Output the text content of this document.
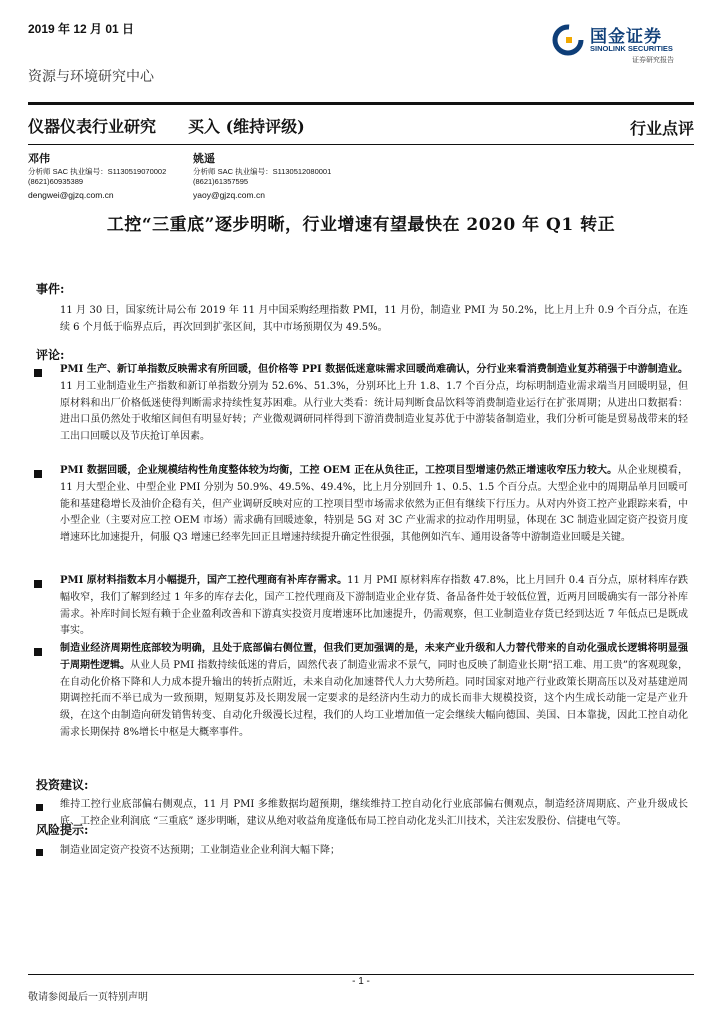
2019 年 12 月 01 日	国金证券
SINOLINK SECURITIES
证券研究报告
资源与环境研究中心
仪器仪表行业研究 买入 (维持评级)	行业点评
邓伟
分析师 SAC 执业编号：S1130519070002
(8621)60935389
dengwei@gjzq.com.cn
姚遥
分析师 SAC 执业编号：S1130512080001
(8621)61357595
yaoy@gjzq.com.cn
工控“三重底”逐步明晰，行业增速有望最快在 2020 年 Q1 转正
事件:
11 月 30 日，国家统计局公布 2019 年 11 月中国采购经理指数 PMI，11 月份，制造业 PMI 为 50.2%，比上月上升 0.9 个百分点，在连续 6 个月低于临界点后，再次回到扩张区间，其中市场预期仅为 49.5%。
评论:
PMI 生产、新订单指数反映需求有所回暖，但价格等 PPI 数据低迷意味需求回暖尚难确认，分行业来看消费制造业复苏稍强于中游制造业。11 月工业制造业生产指数和新订单指数分别为 52.6%、51.3%，分别环比上升 1.8、1.7 个百分点，均标明制造业需求端当月回暖明显，但原材料和出厂价格低迷使得判断需求持续性复苏困难。从行业大类看：统计局判断食品饮料等消费制造业运行在扩张周期；从进出口数据看：进出口虽仍然处于收缩区间但有明显好转；产业微观调研同样得到下游消费制造业复苏优于中游装备制造业，我们分析可能是贸易战带来的轻工出口回暖以及节庆抢订单因素。
PMI 数据回暖，企业规模结构性角度整体较为均衡，工控 OEM 正在从负往正，工控项目型增速仍然正增速收窄压力较大。从企业规模看，11 月大型企业、中型企业 PMI 分别为 50.9%、49.5%、49.4%，比上月分别回升 1、0.5、1.5 个百分点。大型企业中的周期品单月回暖可能和基建稳增长及油价企稳有关，但产业调研反映对应的工控项目型市场需求依然为正但有继续下行压力。从对内外资工控产业跟踪来看，中小型企业（主要对应工控 OEM 市场）需求确有回暖迹象，特别是 5G 对 3C 产业需求的拉动作用明显，体现在 3C 制造业固定资产投资月度增速环比加速提升，伺服 Q3 增速已经率先回正且增速持续提升确定性很强，其他例如汽车、通用设备等中游制造业回暖是关键。
PMI 原材料指数本月小幅提升，国产工控代理商有补库存需求。11 月 PMI 原材料库存指数 47.8%，比上月回升 0.4 百分点，原材料库存跌幅收窄，我们了解到经过 1 年多的库存去化，国产工控代理商及下游制造业企业存货、备品备件处于较低位置，近两月回暖确实有一部分补库需求。补库时间长短有赖于企业盈利改善和下游真实投资月度增速环比加速提升，仍需观察，但工业制造业存货已经到达近 7 年低点已是既成事实。
制造业经济周期性底部较为明确，且处于底部偏右侧位置，但我们更加强调的是，未来产业升级和人力替代带来的自动化强成长逻辑将明显强于周期性逻辑。从业人员 PMI 指数持续低迷的背后，固然代表了制造业需求不景气，同时也反映了制造业长期“招工难、用工贵”的客观现象，在自动化价格下降和人力成本提升输出的转折点附近，未来自动化加速替代人力大势所趋。同时国家对地产行业政策长期高压以及对基建逆周期调控托而不举已成为一致预期，短期复苏及长期发展一定要求的是经济内生动力的成长而非大规模投资，这个内生成长动能一定是产业升级，在这个由制造向研发销售转变、自动化升级漫长过程，我们的人均工业增加值一定会继续大幅向德国、美国、日本靠拢，因此工控自动化需求长期保持 8%增长中枢是大概率事件。
投资建议:
维持工控行业底部偏右侧观点，11 月 PMI 多维数据均超预期，继续维持工控自动化行业底部偏右侧观点，制造经济周期底、产业升级成长底、工控企业利润底 “三重底” 逐步明晰，建议从绝对收益角度逢低布局工控自动化龙头汇川技术，关注宏发股份、信捷电气等。
风险提示:
制造业固定资产投资不达预期；工业制造业企业利润大幅下降；
- 1 -
敬请参阅最后一页特别声明
